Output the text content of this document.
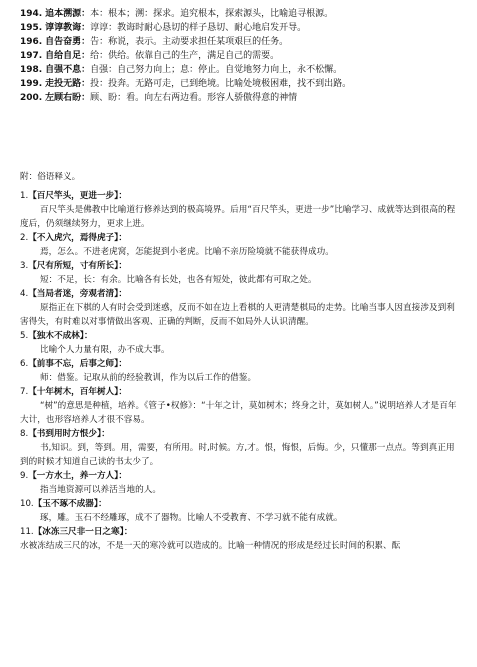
194. 追本溯源：本：根本；溯：探求。追究根本，探索源头，比喻追寻根源。
195. 谆谆教诲：谆谆：教诲时耐心恳切的样子恳切、耐心地启发开导。
196. 自告奋勇：告：称说，表示。主动要求担任某项艰巨的任务。
197. 自给自足：给：供给。依靠自己的生产，满足自己的需要。
198. 自强不息：自强：自己努力向上；息：停止。自觉地努力向上，永不松懈。
199. 走投无路：投：投奔。无路可走，已到绝境。比喻处境极困难，找不到出路。
200. 左顾右盼：顾、盼：看。向左右两边看。形容人骄傲得意的神情
附：俗语释义。
1.【百尺竿头，更进一步】：
百尺竿头是佛教中比喻道行修养达到的极高境界。后用“百尺竿头，更进一步”比喻学习、成就等达到很高的程度后，仍须继续努力，更求上进。
2.【不入虎穴，焉得虎子】：
焉，怎么。不进老虎窝，怎能捉到小老虎。比喻不亲历险境就不能获得成功。
3.【尺有所短，寸有所长】：
短：不足，长：有余。比喻各有长处，也各有短处，彼此都有可取之处。
4.【当局者迷，旁观者清】：
原指正在下棋的人有时会受到迷惑，反而不如在边上看棋的人更清楚棋局的走势。比喻当事人因直接涉及到利害得失，有时难以对事情做出客观、正确的判断，反而不如局外人认识清醒。
5.【独木不成林】：
比喻个人力量有限，办不成大事。
6.【前事不忘，后事之师】：
师：借鉴。记取从前的经验教训，作为以后工作的借鉴。
7.【十年树木，百年树人】：
“树”的意思是种植，培养。《管子•权修》：“十年之计，莫如树木；终身之计，莫如树人。”说明培养人才是百年大计，也形容培养人才很不容易。
8.【书到用时方恨少】：
书,知识。到，等到。用，需要，有所用。时,时候。方,才。恨，悔恨，后悔。少，只懂那一点点。等到真正用到的时候才知道自己读的书太少了。
9.【一方水土，养一方人】：
指当地资源可以养活当地的人。
10.【玉不琢不成器】：
琢，雕。玉石不经雕琢，成不了器物。比喻人不受教育、不学习就不能有成就。
11.【冰冻三尺非一日之寒】：
水被冻结成三尺的冰，不是一天的寒冷就可以造成的。比喻一种情况的形成是经过长时间的积累、酝
